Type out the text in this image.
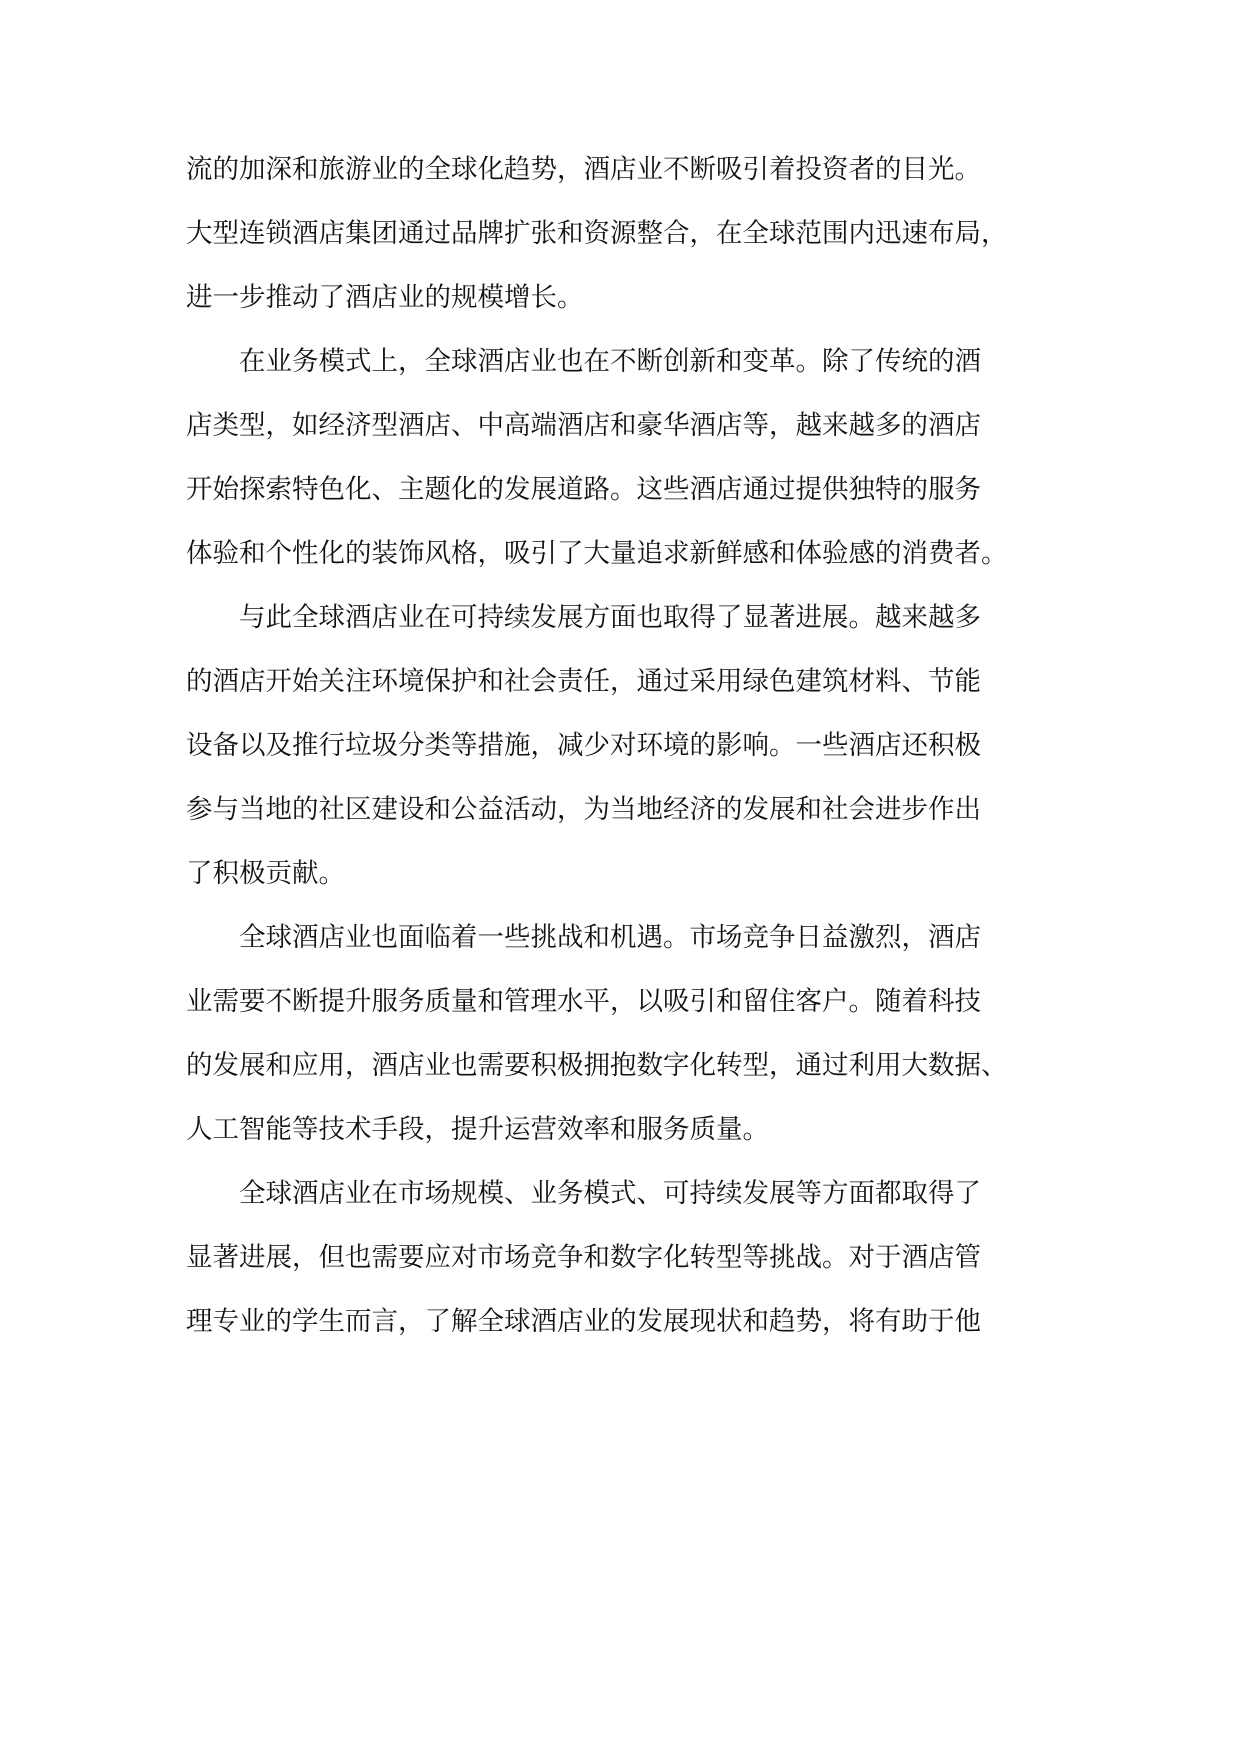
流的加深和旅游业的全球化趋势，酒店业不断吸引着投资者的目光。
大型连锁酒店集团通过品牌扩张和资源整合，在全球范围内迅速布局，
进一步推动了酒店业的规模增长。
在业务模式上，全球酒店业也在不断创新和变革。除了传统的酒
店类型，如经济型酒店、中高端酒店和豪华酒店等，越来越多的酒店
开始探索特色化、主题化的发展道路。这些酒店通过提供独特的服务
体验和个性化的装饰风格，吸引了大量追求新鲜感和体验感的消费者。
与此全球酒店业在可持续发展方面也取得了显著进展。越来越多
的酒店开始关注环境保护和社会责任，通过采用绿色建筑材料、节能
设备以及推行垃圾分类等措施，减少对环境的影响。一些酒店还积极
参与当地的社区建设和公益活动，为当地经济的发展和社会进步作出
了积极贡献。
全球酒店业也面临着一些挑战和机遇。市场竞争日益激烈，酒店
业需要不断提升服务质量和管理水平，以吸引和留住客户。随着科技
的发展和应用，酒店业也需要积极拥抱数字化转型，通过利用大数据、
人工智能等技术手段，提升运营效率和服务质量。
全球酒店业在市场规模、业务模式、可持续发展等方面都取得了
显著进展，但也需要应对市场竞争和数字化转型等挑战。对于酒店管
理专业的学生而言，了解全球酒店业的发展现状和趋势，将有助于他
